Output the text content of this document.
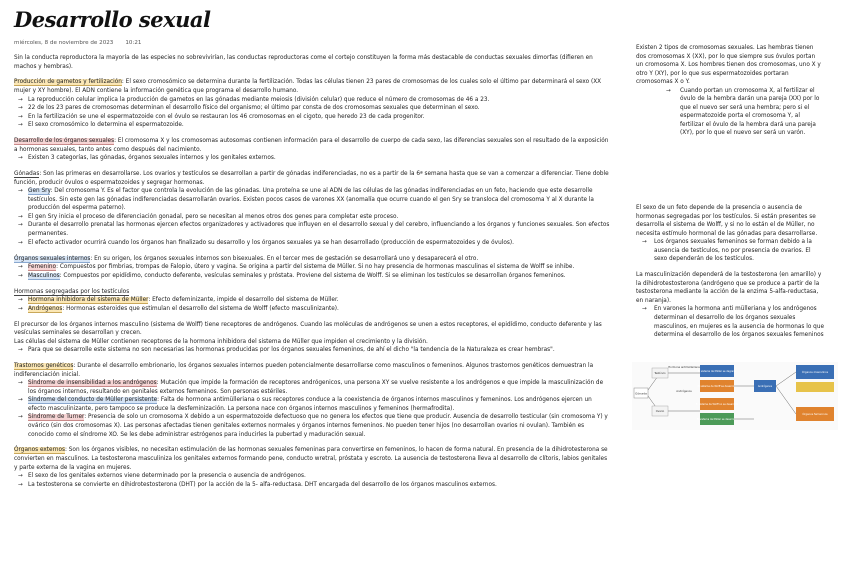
Desarrollo sexual
miércoles, 8 de noviembre de 2023 10:21

Sin la conducta reproductora la mayoría de las especies no sobrevivirían, las conductas reproductoras come el cortejo constituyen la forma más destacable de conductas sexuales dimorfas (difieren en machos y hembras).

Producción de gametos y fertilización: El sexo cromosómico se determina durante la fertilización. Todas las células tienen 23 pares de cromosomas de los cuales solo el último par determinará el sexo (XX mujer y XY hombre). El ADN contiene la información genética que programa el desarrollo humano.

→ La reproducción celular implica la producción de gametos en las gónadas mediante meiosis (división celular) que reduce el número de cromosomas de 46 a 23.
→ 22 de los 23 pares de cromosomas determinan el desarrollo físico del organismo; el último par consta de dos cromosomas sexuales que determinan el sexo.
→ En la fertilización se une el espermatozoide con el óvulo se restauran los 46 cromosomas en el cigoto, que heredo 23 de cada progenitor.
→ El sexo cromosómico lo determina el espermatozoide.

Desarrollo de los órganos sexuales: El cromosoma X y los cromosomas autosomas contienen información para el desarrollo de cuerpo de cada sexo, las diferencias sexuales son el resultado de la exposición a hormonas sexuales, tanto antes como después del nacimiento.

→ Existen 3 categorías, las gónadas, órganos sexuales internos y los genitales externos.

Gónadas: Son las primeras en desarrollarse. Los ovarios y testículos se desarrollan a partir de gónadas indiferenciadas, no es a partir de la 6ª semana hasta que se van a comenzar a diferenciar. Tiene doble función, producir óvulos o espermatozoides y segregar hormonas.

→ Gen Sry: Del cromosoma Y. Es el factor que controla la evolución de las gónadas. Una proteína se une al ADN de las células de las gónadas indiferenciadas en un feto, haciendo que este desarrolle testículos. Sin este gen las gónadas indiferenciadas desarrollarán ovarios. Existen pocos casos de varones XX (anomalía que ocurre cuando el gen Sry se transloca del cromosoma Y al X durante la producción del esperma paterno).
→ El gen Sry inicia el proceso de diferenciación gonadal, pero se necesitan al menos otros dos genes para completar este proceso.
→ Durante el desarrollo prenatal las hormonas ejercen efectos organizadores y activadores que influyen en el desarrollo sexual y del cerebro, influenciando a los órganos y funciones sexuales. Son efectos permanentes.
→ El efecto activador ocurrirá cuando los órganos han finalizado su desarrollo y los órganos sexuales ya se han desarrollado (producción de espermatozoides y de óvulos).

Órganos sexuales internos: En su origen, los órganos sexuales internos son bisexuales. En el tercer mes de gestación se desarrollará uno y desaparecerá el otro.

→ Femenino: Compuestos por fimbrias, trompas de Falopio, útero y vagina. Se origina a partir del sistema de Müller. Si no hay presencia de hormonas masculinas el sistema de Wolff se inhibe.
→ Masculinos: Compuestos por epidídimo, conducto deferente, vesículas seminales y próstata. Proviene del sistema de Wolff. Si se eliminan los testículos se desarrollan órganos femeninos.

Hormonas segregadas por los testículos

→ Hormona inhibidora del sistema de Müller: Efecto defeminizante, impide el desarrollo del sistema de Müller.
→ Andrógenos: Hormonas esteroides que estimulan el desarrollo del sistema de Wolff (efecto masculinizante).

El precursor de los órganos internos masculino (sistema de Wolff) tiene receptores de andrógenos. Cuando las moléculas de andrógenos se unen a estos receptores, el epidídimo, conducto deferente y las vesículas seminales se desarrollan y crecen.

Las células del sistema de Müller contienen receptores de la hormona inhibidora del sistema de Müller que impiden el crecimiento y la división.

→ Para que se desarrolle este sistema no son necesarias las hormonas producidas por los órganos sexuales femeninos, de ahí el dicho "la tendencia de la Naturaleza es crear hembras".

Trastornos genéticos: Durante el desarrollo embrionario, los órganos sexuales internos pueden potencialmente desarrollarse como masculinos o femeninos. Algunos trastornos genéticos demuestran la indiferenciación inicial.

→ Síndrome de insensibilidad a los andrógenos: Mutación que impide la formación de receptores andrógenicos, una persona XY se vuelve resistente a los andrógenos e que impide la masculinización de los órganos internos, resultando en genitales externos femeninos. Son personas estériles.
→ Síndrome del conducto de Müller persistente: Falta de hormona antimülleriana o sus receptores conduce a la coexistencia de órganos internos masculinos y femeninos. Los andrógenos ejercen un efecto masculinizante, pero tampoco se produce la desfeminización. La persona nace con órganos internos masculinos y femeninos (hermafrodita).
→ Síndrome de Turner: Presencia de solo un cromosoma X debido a un espermatozoide defectuoso que no genera los efectos que tiene que producir. Ausencia de desarrollo testicular (sin cromosoma Y) y ovárico (sin dos cromosomas X). Las personas afectadas tienen genitales externos normales y órganos internos femeninos. No pueden tener hijos (no desarrollan ovarios ni ovulan). También es conocido como el síndrome XO. Se les debe administrar estrógenos para inducirles la pubertad y maduración sexual.

Órganos externos: Son los órganos visibles, no necesitan estimulación de las hormonas sexuales femeninas para convertirse en femeninos, lo hacen de forma natural. En presencia de la dihidrotesterona se convierten en masculinos. La testosterona masculiniza los genitales externos formando pene, conducto wretral, próstata y escroto. La ausencia de testosterona lleva al desarrollo de clítoris, labios genitales y parte externa de la vagina en mujeres.

→ El sexo de los genitales externos viene determinado por la presencia o ausencia de andrógenos.
→ La testosterona se convierte en dihidrotestosterona (DHT) por la acción de la 5- alfa-reductasa. DHT encargada del desarrollo de los órganos masculinos externos.

Existen 2 tipos de cromosomas sexuales. Las hembras tienen dos cromosomas X (XX), por lo que siempre sus óvulos portan un cromosoma X. Los hombres tienen dos cromosomas, uno X y otro Y (XY), por lo que sus espermatozoides portaran cromosomas X o Y.

→	Cuando portan un cromosoma X, al fertilizar el óvulo de la hembra darán una pareja (XX) por lo que el nuevo ser será una hembra; pero si el espermatozoide porta el cromosoma Y, al fertilizar el óvulo de la hembra dará una pareja (XY), por lo que el nuevo ser será un varón.

El sexo de un feto depende de la presencia o ausencia de hormonas segregadas por los testículos. Si están presentes se desarrolla el sistema de Wolff, y si no lo están el de Müller, no necesita estímulo hormonal de las gónadas para desarrollarse.

→	Los órganos sexuales femeninos se forman debido a la ausencia de testículos, no por presencia de ovarios. El sexo dependerán de los testículos.

La masculinización dependerá de la testosterona (en amarillo) y la dihidrotestosterona (andrógeno que se produce a partir de la testosterona mediante la acción de la enzima 5-alfa-reductasa, en naranja).

→	En varones la hormona anti mülleriana y los andrógenos determinan el desarrollo de los órganos sexuales masculinos, en mujeres es la ausencia de hormonas lo que determina el desarrollo de los órganos sexuales femeninos
Gónada
Testículo
Ovario
Hormona antimülleriana
Andrógenos
El sistema de Müller se degrada
El sistema de Wolff se desarrolla
El sistema de Wolff no se desarrolla
El sistema de Müller se desarrolla
Andrógenos
Órganos masculinos
Órganos femeninos
